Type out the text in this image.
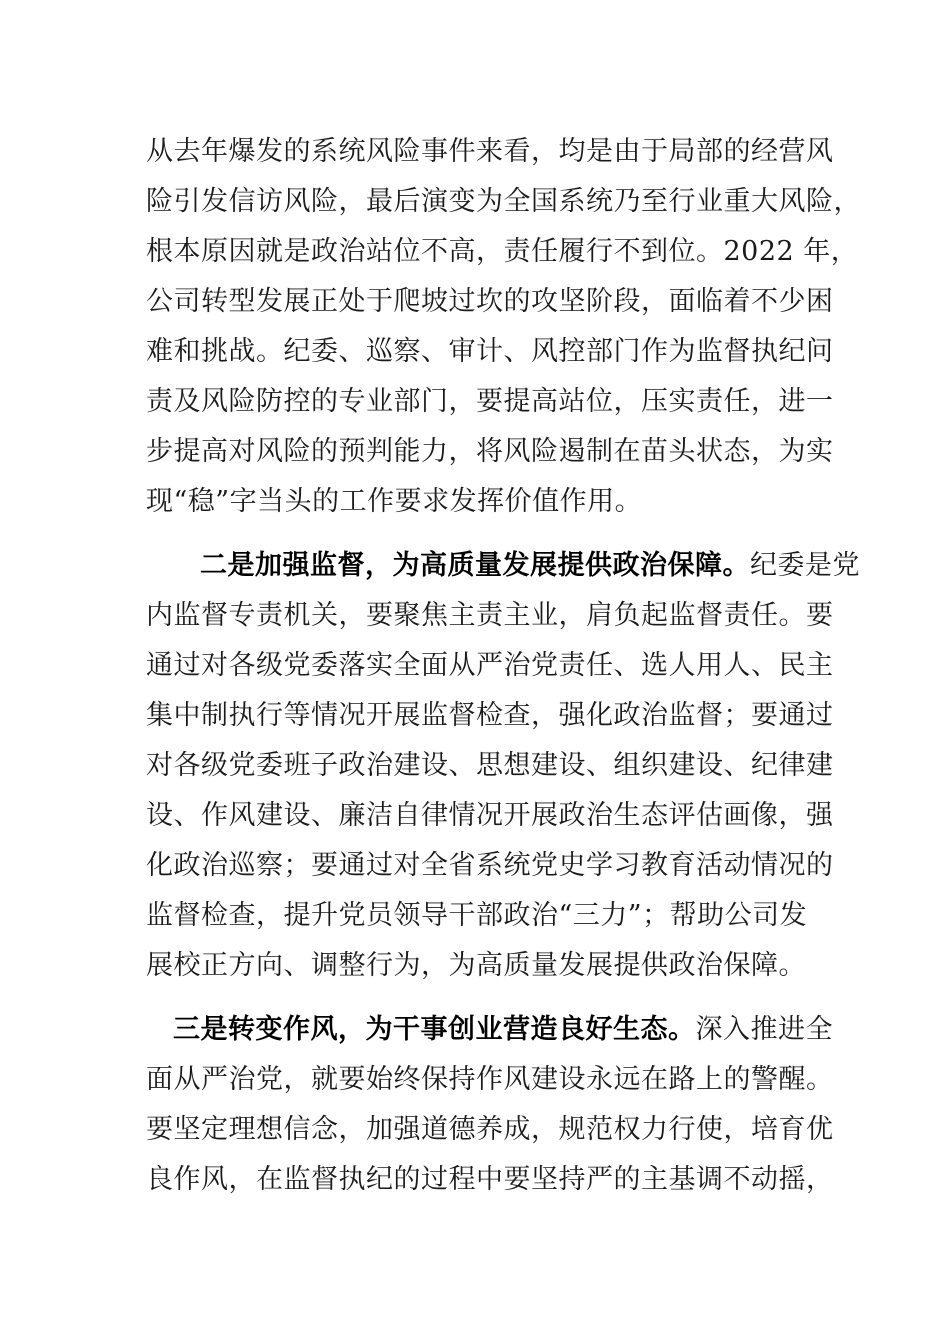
从去年爆发的系统风险事件来看，均是由于局部的经营风
险引发信访风险，最后演变为全国系统乃至行业重大风险，
根本原因就是政治站位不高，责任履行不到位。2022 年，
公司转型发展正处于爬坡过坎的攻坚阶段，面临着不少困
难和挑战。纪委、巡察、审计、风控部门作为监督执纪问
责及风险防控的专业部门，要提高站位，压实责任，进一
步提高对风险的预判能力，将风险遏制在苗头状态，为实
现“稳”字当头的工作要求发挥价值作用。
二是加强监督，为高质量发展提供政治保障。纪委是党
内监督专责机关，要聚焦主责主业，肩负起监督责任。要
通过对各级党委落实全面从严治党责任、选人用人、民主
集中制执行等情况开展监督检查，强化政治监督；要通过
对各级党委班子政治建设、思想建设、组织建设、纪律建
设、作风建设、廉洁自律情况开展政治生态评估画像，强
化政治巡察；要通过对全省系统党史学习教育活动情况的
监督检查，提升党员领导干部政治“三力”；帮助公司发
展校正方向、调整行为，为高质量发展提供政治保障。
三是转变作风，为干事创业营造良好生态。深入推进全
面从严治党，就要始终保持作风建设永远在路上的警醒。
要坚定理想信念，加强道德养成，规范权力行使，培育优
良作风，在监督执纪的过程中要坚持严的主基调不动摇，
